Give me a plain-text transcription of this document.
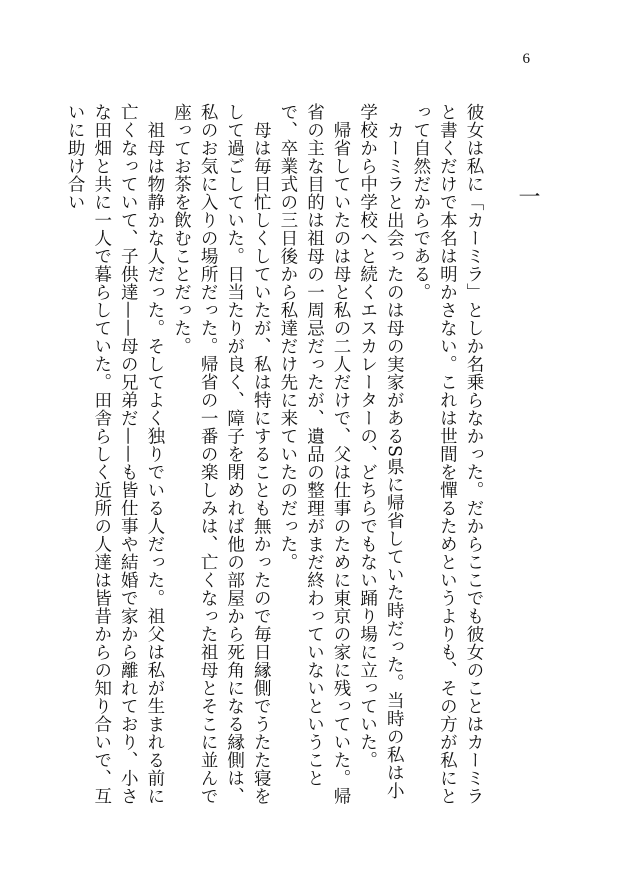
6
一

彼女は私に「カーミラ」としか名乗らなかった。だからここでも彼女のことはカーミラと書くだけで本名は明かさない。これは世間を憚るためというよりも、その方が私にとって自然だからである。

カーミラと出会ったのは母の実家があるS県に帰省していた時だった。当時の私は小学校から中学校へと続くエスカレーターの、どちらでもない踊り場に立っていた。

帰省していたのは母と私の二人だけで、父は仕事のために東京の家に残っていた。帰省の主な目的は祖母の一周忌だったが、遺品の整理がまだ終わっていないということで、卒業式の三日後から私達だけ先に来ていたのだった。

母は毎日忙しくしていたが、私は特にすることも無かったので毎日縁側でうたた寝をして過ごしていた。日当たりが良く、障子を閉めれば他の部屋から死角になる縁側は、私のお気に入りの場所だった。帰省の一番の楽しみは、亡くなった祖母とそこに並んで座ってお茶を飲むことだった。

祖母は物静かな人だった。そしてよく独りでいる人だった。祖父は私が生まれる前に亡くなっていて、子供達——母の兄弟だ——も皆仕事や結婚で家から離れており、小さな田畑と共に一人で暮らしていた。田舎らしく近所の人達は皆昔からの知り合いで、互いに助け合い
